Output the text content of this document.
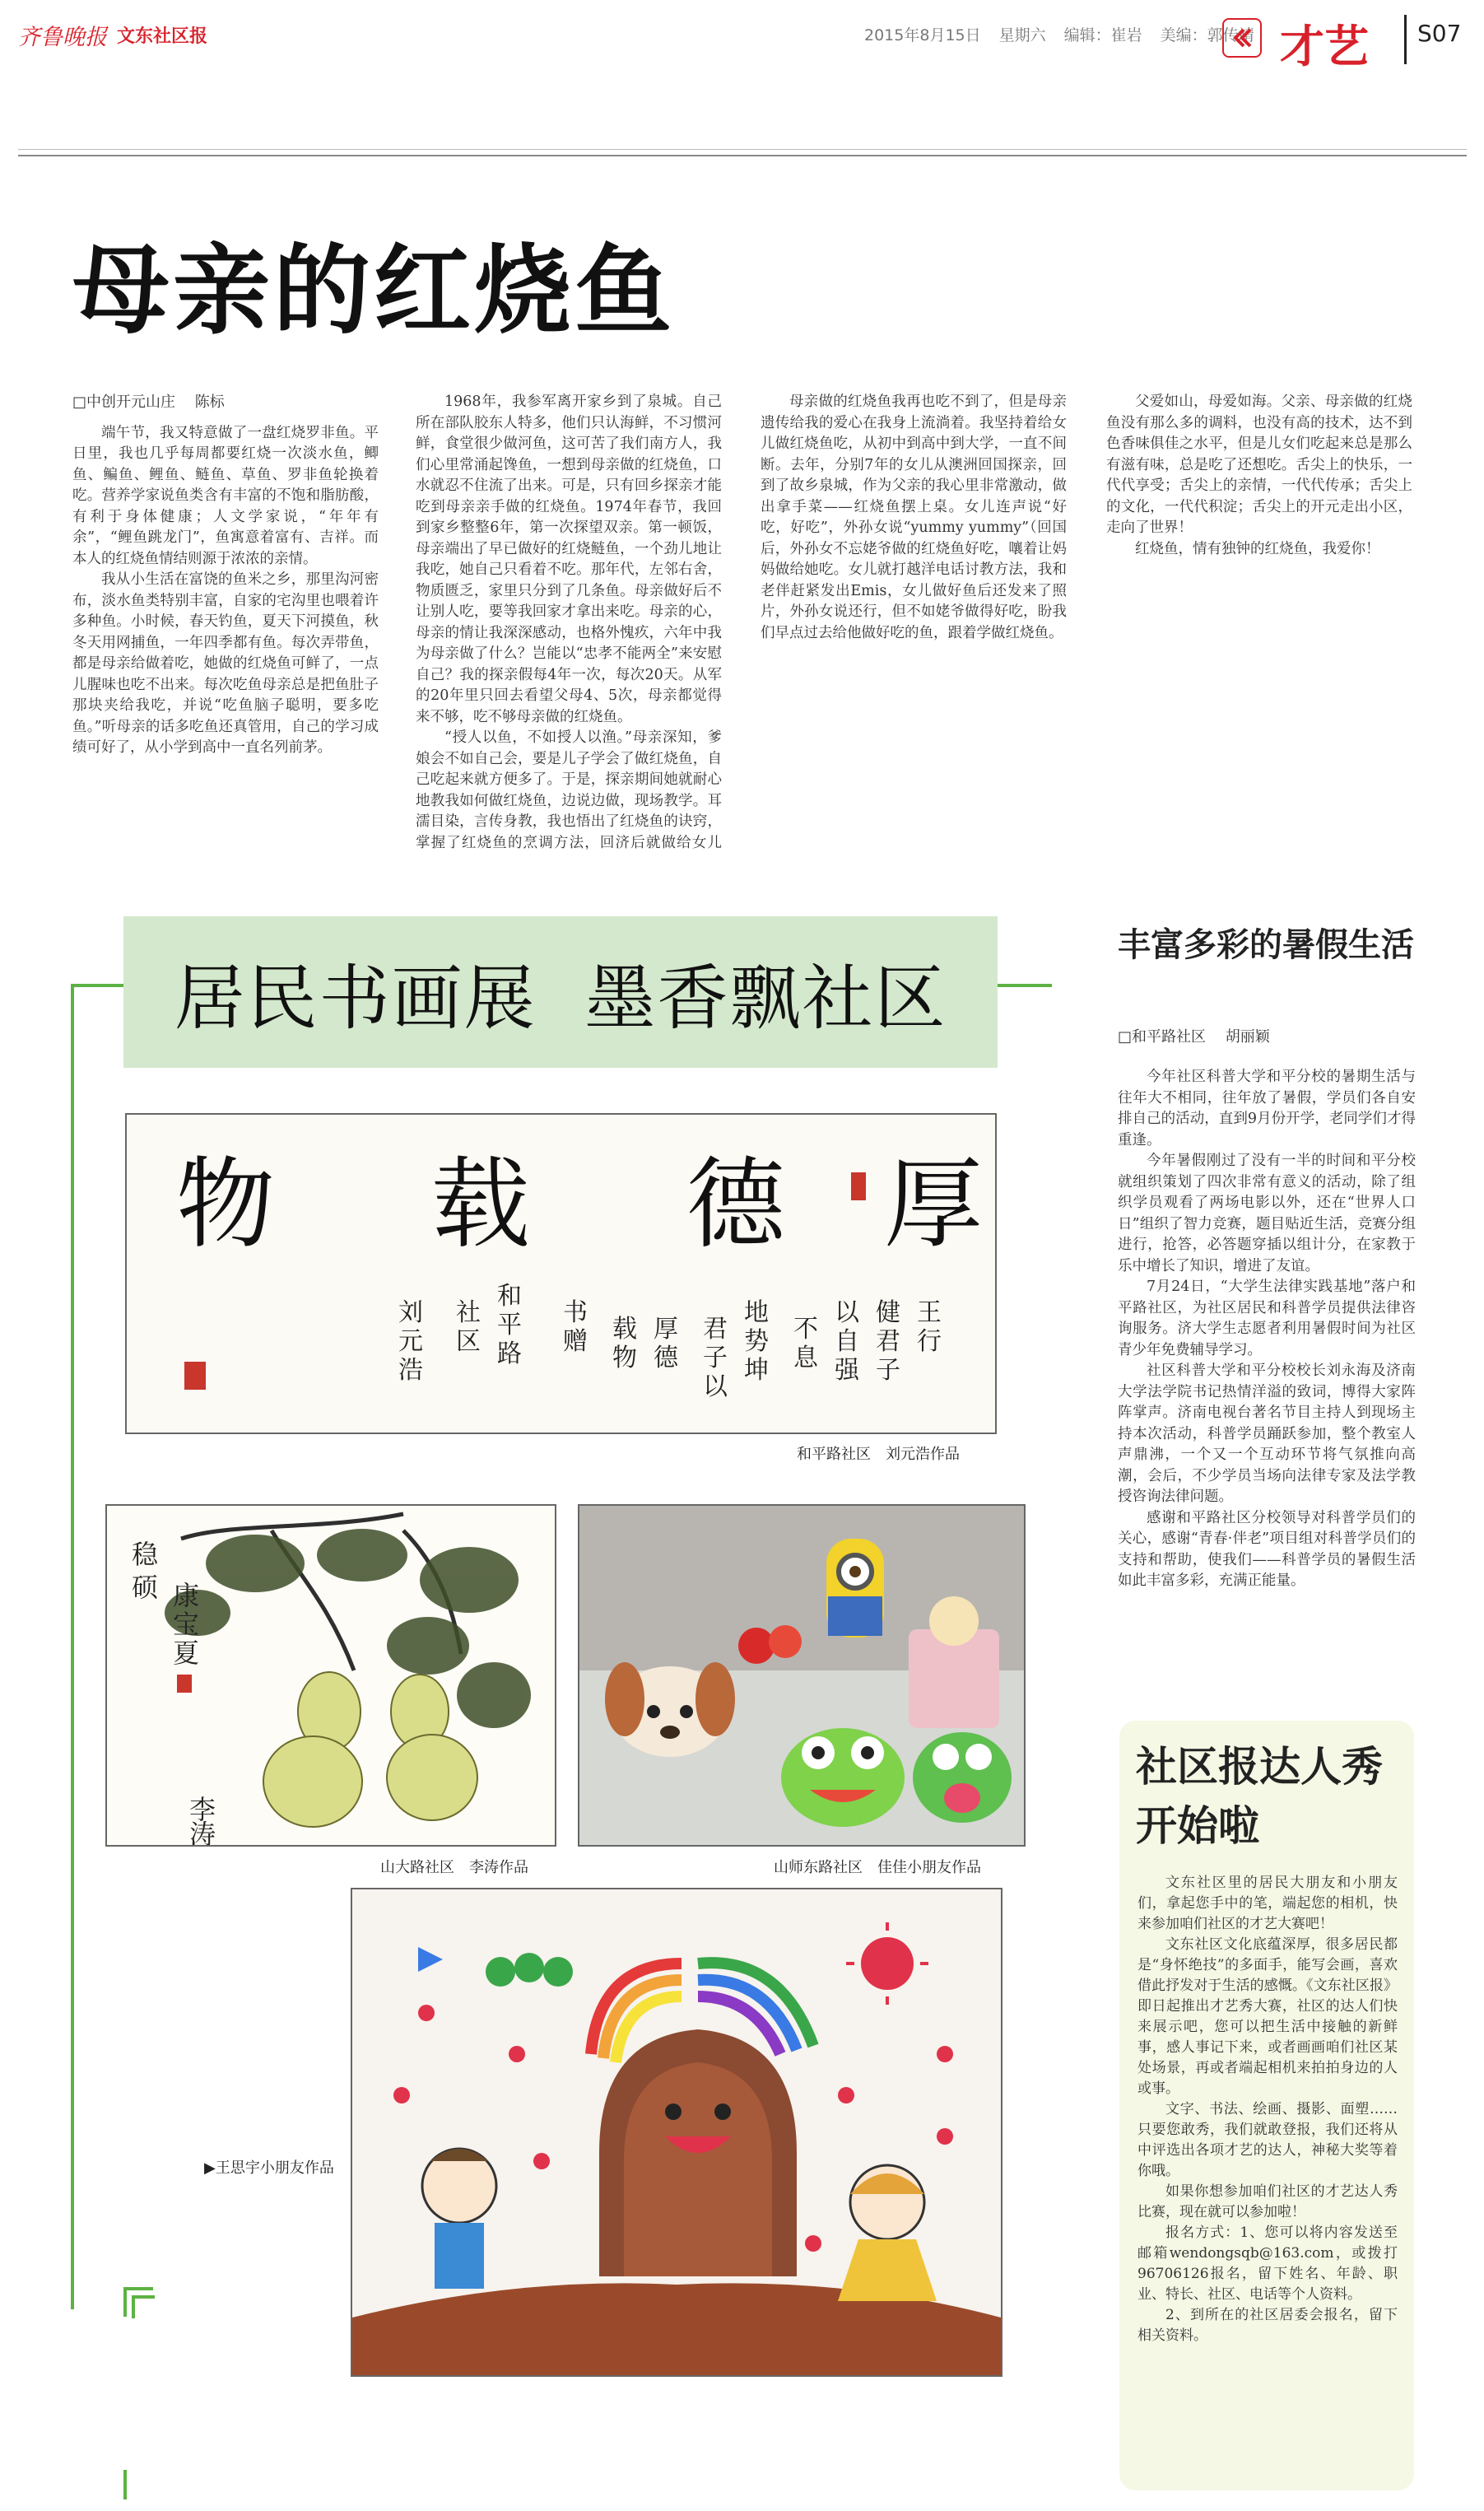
齐鲁晚报 文东社区报	2015年8月15日 星期六 编辑：崔岩 美编：郭传靖 才艺 S07
母亲的红烧鱼
□中创开元山庄 陈标

端午节，我又特意做了一盘红烧罗非鱼。平日里，我也几乎每周都要红烧一次淡水鱼，鲫鱼、鳊鱼、鲤鱼、鲢鱼、草鱼、罗非鱼轮换着吃。营养学家说鱼类含有丰富的不饱和脂肪酸，有利于身体健康；人文学家说，“年年有余”，“鲤鱼跳龙门”，鱼寓意着富有、吉祥。而本人的红烧鱼情结则源于浓浓的亲情。

我从小生活在富饶的鱼米之乡，那里沟河密布，淡水鱼类特别丰富，自家的宅沟里也喂着许多种鱼。小时候，春天钓鱼，夏天下河摸鱼，秋冬天用网捕鱼，一年四季都有鱼。每次弄带鱼，都是母亲给做着吃，她做的红烧鱼可鲜了，一点儿腥味也吃不出来。每次吃鱼母亲总是把鱼肚子那块夹给我吃，并说“吃鱼脑子聪明，要多吃鱼。”听母亲的话多吃鱼还真管用，自己的学习成绩可好了，从小学到高中一直名列前茅。

1968年，我参军离开家乡到了泉城。自己所在部队胶东人特多，他们只认海鲜，不习惯河鲜，食堂很少做河鱼，这可苦了我们南方人，我们心里常涌起馋鱼，一想到母亲做的红烧鱼，口水就忍不住流了出来。可是，只有回乡探亲才能吃到母亲亲手做的红烧鱼。1974年春节，我回到家乡整整6年，第一次探望双亲。第一顿饭，母亲端出了早已做好的红烧鲢鱼，一个劲儿地让我吃，她自己只看着不吃。那年代，左邻右舍，物质匮乏，家里只分到了几条鱼。母亲做好后不让别人吃，要等我回家才拿出来吃。母亲的心，母亲的情让我深深感动，也格外愧疚，六年中我为母亲做了什么？岂能以“忠孝不能两全”来安慰自己？我的探亲假每4年一次，每次20天。从军的20年里只回去看望父母4、5次，母亲都觉得来不够，吃不够母亲做的红烧鱼。

“授人以鱼，不如授人以渔。”母亲深知，爹娘会不如自己会，要是儿子学会了做红烧鱼，自己吃起来就方便多了。于是，探亲期间她就耐心地教我如何做红烧鱼，边说边做，现场教学。耳濡目染，言传身教，我也悟出了红烧鱼的诀窍，掌握了红烧鱼的烹调方法，回济后就做给女儿

母亲做的红烧鱼我再也吃不到了，但是母亲遗传给我的爱心在我身上流淌着。我坚持着给女儿做红烧鱼吃，从初中到高中到大学，一直不间断。去年，分别7年的女儿从澳洲回国探亲，回到了故乡泉城，作为父亲的我心里非常激动，做出拿手菜——红烧鱼摆上桌。女儿连声说“好吃，好吃”，外孙女说“yummy yummy”（回国后，外孙女不忘姥爷做的红烧鱼好吃，嚷着让妈妈做给她吃。女儿就打越洋电话讨教方法，我和老伴赶紧发出Emis，女儿做好鱼后还发来了照片，外孙女说还行，但不如姥爷做得好吃，盼我们早点过去给他做好吃的鱼，跟着学做红烧鱼。

父爱如山，母爱如海。父亲、母亲做的红烧鱼没有那么多的调料，也没有高的技术，达不到色香味俱佳之水平，但是儿女们吃起来总是那么有滋有味，总是吃了还想吃。舌尖上的快乐，一代代享受；舌尖上的亲情，一代代传承；舌尖上的文化，一代代积淀；舌尖上的开元走出小区，走向了世界！

红烧鱼，情有独钟的红烧鱼，我爱你！

居民书画展  墨香飘社区
厚
德
载
物
王
行
健
君
子
以
自
强
不
息
地
势
坤
君
子
以
厚
德
载
物
书
赠
和
平
路
社
区
刘
元
浩
和平路社区　刘元浩作品
稳
硕 康
宝
夏
李
涛
山大路社区　李涛作品	山师东路社区　佳佳小朋友作品
▶王思宇小朋友作品
丰富多彩的暑假生活
□和平路社区 胡丽颖

今年社区科普大学和平分校的暑期生活与往年大不相同，往年放了暑假，学员们各自安排自己的活动，直到9月份开学，老同学们才得重逢。

今年暑假刚过了没有一半的时间和平分校就组织策划了四次非常有意义的活动，除了组织学员观看了两场电影以外，还在“世界人口日”组织了智力竞赛，题目贴近生活，竞赛分组进行，抢答，必答题穿插以组计分，在家教于乐中增长了知识，增进了友谊。

7月24日，“大学生法律实践基地”落户和平路社区，为社区居民和科普学员提供法律咨询服务。济大学生志愿者利用暑假时间为社区青少年免费辅导学习。

社区科普大学和平分校校长刘永海及济南大学法学院书记热情洋溢的致词，博得大家阵阵掌声。济南电视台著名节目主持人到现场主持本次活动，科普学员踊跃参加，整个教室人声鼎沸，一个又一个互动环节将气氛推向高潮，会后，不少学员当场向法律专家及法学教授咨询法律问题。

感谢和平路社区分校领导对科普学员们的关心，感谢“青春·伴老”项目组对科普学员们的支持和帮助，使我们——科普学员的暑假生活如此丰富多彩，充满正能量。

社区报达人秀开始啦

文东社区里的居民大朋友和小朋友们，拿起您手中的笔，端起您的相机，快来参加咱们社区的才艺大赛吧！

文东社区文化底蕴深厚，很多居民都是“身怀绝技”的多面手，能写会画，喜欢借此抒发对于生活的感慨。《文东社区报》即日起推出才艺秀大赛，社区的达人们快来展示吧，您可以把生活中接触的新鲜事，感人事记下来，或者画画咱们社区某处场景，再或者端起相机来拍拍身边的人或事。

文字、书法、绘画、摄影、面塑……只要您敢秀，我们就敢登报，我们还将从中评选出各项才艺的达人，神秘大奖等着你哦。

如果你想参加咱们社区的才艺达人秀比赛，现在就可以参加啦！

报名方式：1、您可以将内容发送至邮箱wendongsqb@163.com，或拨打96706126报名，留下姓名、年龄、职业、特长、社区、电话等个人资料。

2、到所在的社区居委会报名，留下相关资料。
